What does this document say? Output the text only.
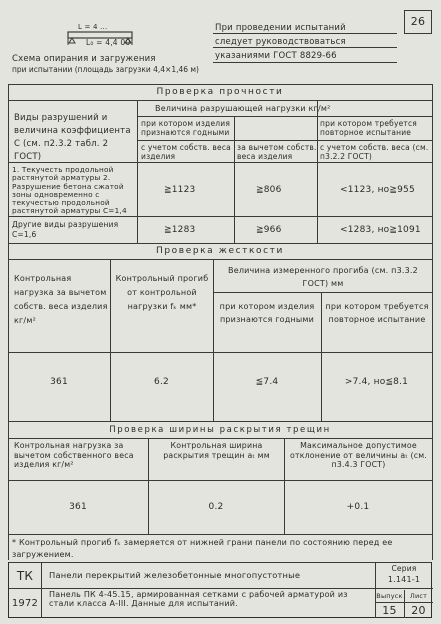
L = 4 ...
L₀ = 4,4 00
Схема опирания и загружения
при испытании (площадь загрузки 4,4×1,46 м)
При проведении испытаний
следует руководствоваться
указаниями ГОСТ 8829-66
26
Проверка прочности
Виды разрушений и величина коэффициента С (см. п2.3.2 табл. 2 ГОСТ)
Величина разрушающей нагрузки кг/м²
при котором изделия признаются годными
при котором требуется повторное испытание
с учетом собств. веса изделия
за вычетом собств. веса изделия
с учетом собств. веса (см. п3.2.2 ГОСТ)
1. Текучесть продольной растянутой арматуры 2. Разрушение бетона сжатой зоны одновременно с текучестью продольной растянутой арматуры C=1,4
≧1123	≧806	<1123, но≧955
Другие виды разрушения C=1,6	≧1283	≧966	<1283, но≧1091
Проверка жесткости
Контрольная нагрузка за вычетом собств. веса изделия кг/м²
Контрольный прогиб от контрольной нагрузки fₖ мм*
Величина измеренного прогиба (см. п3.3.2 ГОСТ) мм
при котором изделия признаются годными
при котором требуется повторное испытание
361	6.2	≦7.4	>7.4, но≦8.1
Проверка ширины раскрытия трещин
Контрольная нагрузка за вычетом собственного веса изделия кг/м²
Контрольная ширина раскрытия трещин aₜ мм
Максимальное допустимое отклонение от величины aₜ (см. п3.4.3 ГОСТ)
361	0.2	+0.1
* Контрольный прогиб fₖ замеряется от нижней грани панели по состоянию перед ее загружением.
ТК
1972
Панели перекрытий железобетонные многопустотные
Панель ПК 4-45.15, армированная сетками с рабочей арматурой из стали класса А-III. Данные для испытаний.
Серия
1.141-1
Выпуск	Лист
15	20
